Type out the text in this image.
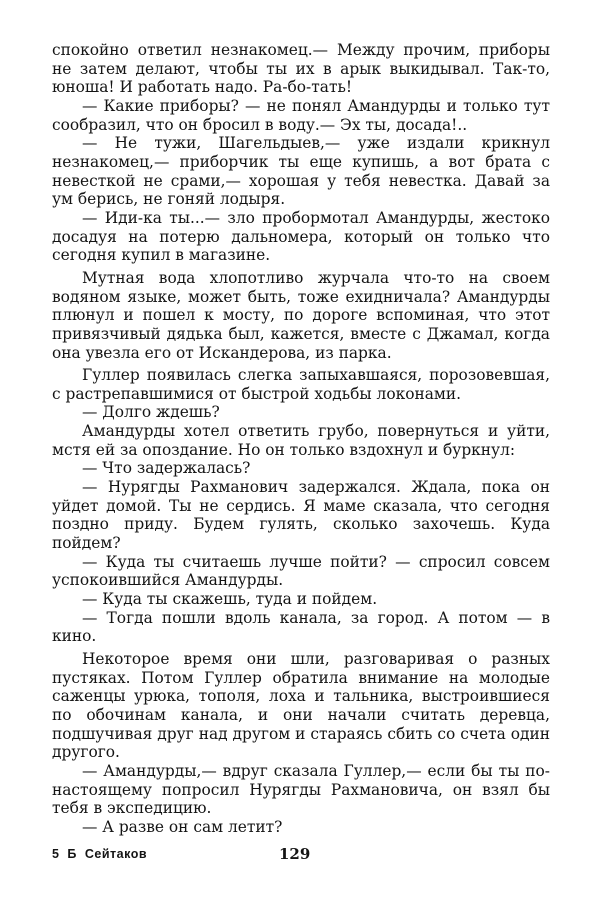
спокойно ответил незнакомец.— Между прочим, приборы не затем делают, чтобы ты их в арык выкидывал. Так-то, юноша! И работать надо. Ра-бо-тать!

— Какие приборы? — не понял Амандурды и только тут сообразил, что он бросил в воду.— Эх ты, досада!..

— Не тужи, Шагельдыев,— уже издали крикнул незнакомец,— приборчик ты еще купишь, а вот брата с невесткой не срами,— хорошая у тебя невестка. Давай за ум берись, не гоняй лодыря.

— Иди-ка ты...— зло пробормотал Амандурды, жестоко досадуя на потерю дальномера, который он только что сегодня купил в магазине.

Мутная вода хлопотливо журчала что-то на своем водяном языке, может быть, тоже ехидничала? Амандурды плюнул и пошел к мосту, по дороге вспоминая, что этот привязчивый дядька был, кажется, вместе с Джамал, когда она увезла его от Искандерова, из парка.

Гуллер появилась слегка запыхавшаяся, порозовевшая, с растрепавшимися от быстрой ходьбы локонами.

— Долго ждешь?

Амандурды хотел ответить грубо, повернуться и уйти, мстя ей за опоздание. Но он только вздохнул и буркнул:

— Что задержалась?

— Нурягды Рахманович задержался. Ждала, пока он уйдет домой. Ты не сердись. Я маме сказала, что сегодня поздно приду. Будем гулять, сколько захочешь. Куда пойдем?

— Куда ты считаешь лучше пойти? — спросил совсем успокоившийся Амандурды.

— Куда ты скажешь, туда и пойдем.

— Тогда пошли вдоль канала, за город. А потом — в кино.

Некоторое время они шли, разговаривая о разных пустяках. Потом Гуллер обратила внимание на молодые саженцы урюка, тополя, лоха и тальника, выстроившиеся по обочинам канала, и они начали считать деревца, подшучивая друг над другом и стараясь сбить со счета один другого.

— Амандурды,— вдруг сказала Гуллер,— если бы ты по-настоящему попросил Нурягды Рахмановича, он взял бы тебя в экспедицию.

— А разве он сам летит?

5 Б Сейтаков	129
